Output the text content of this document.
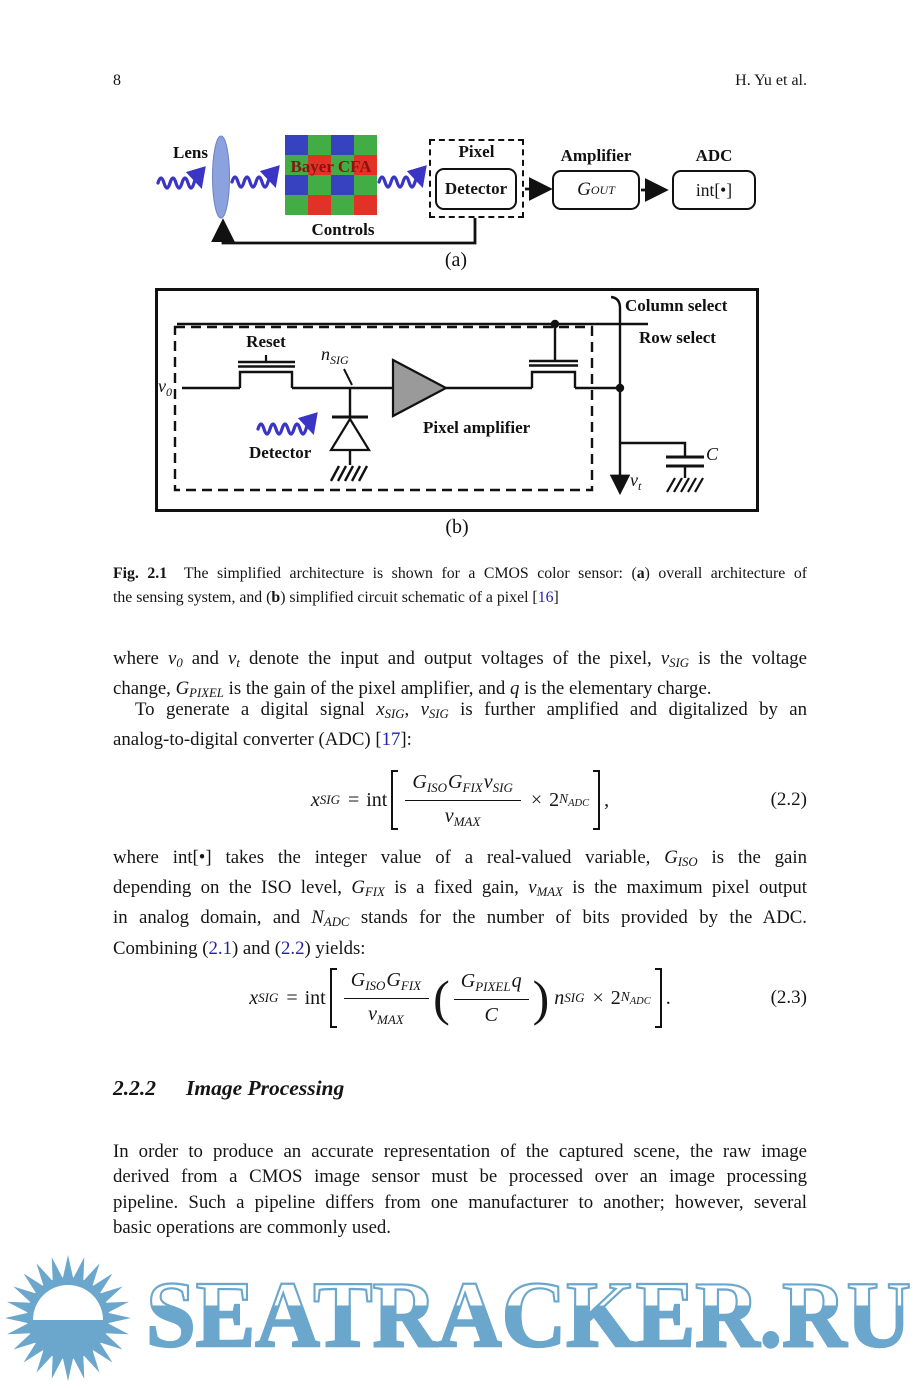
8	H. Yu et al.
Lens
Bayer CFA
Pixel
Detector
Amplifier
G OUT
ADC
int[•]
Controls
(a)
Column select
Row select
Reset
$n_{SIG}$
$v_0$
Pixel amplifier
Detector
$v_t$
C
(b)
Fig. 2.1  The simplified architecture is shown for a CMOS color sensor: (a) overall architecture of
the sensing system, and (b) simplified circuit schematic of a pixel [16]
where v0 and vt denote the input and output voltages of the pixel, vSIG is the voltage
change, GPIXEL is the gain of the pixel amplifier, and q is the elementary charge.
To generate a digital signal xSIG, vSIG is further amplified and digitalized by an
analog-to-digital converter (ADC) [17]:
x SIG = int $\frac{G_{ISO}G_{FIX}v_{SIG}}{v_{MAX}} \times 2$ $N_{ADC}$ ,	(2.2)
where int[•] takes the integer value of a real-valued variable, GISO is the gain
depending on the ISO level, GFIX is a fixed gain, vMAX is the maximum pixel output
in analog domain, and NADC stands for the number of bits provided by the ADC.
Combining (2.1) and (2.2) yields:
x SIG = int $\frac{G_{ISO}G_{FIX}}{v_{MAX}}$ ( $\frac{G_{PIXEL}q}{C}$ ) n SIG × 2 $N_{ADC}$ .	(2.3)
2.2.2 Image Processing
In order to produce an accurate representation of the captured scene, the raw image
derived from a CMOS image sensor must be processed over an image processing
pipeline. Such a pipeline differs from one manufacturer to another; however, several
basic operations are commonly used.
SEATRACKER.RU
